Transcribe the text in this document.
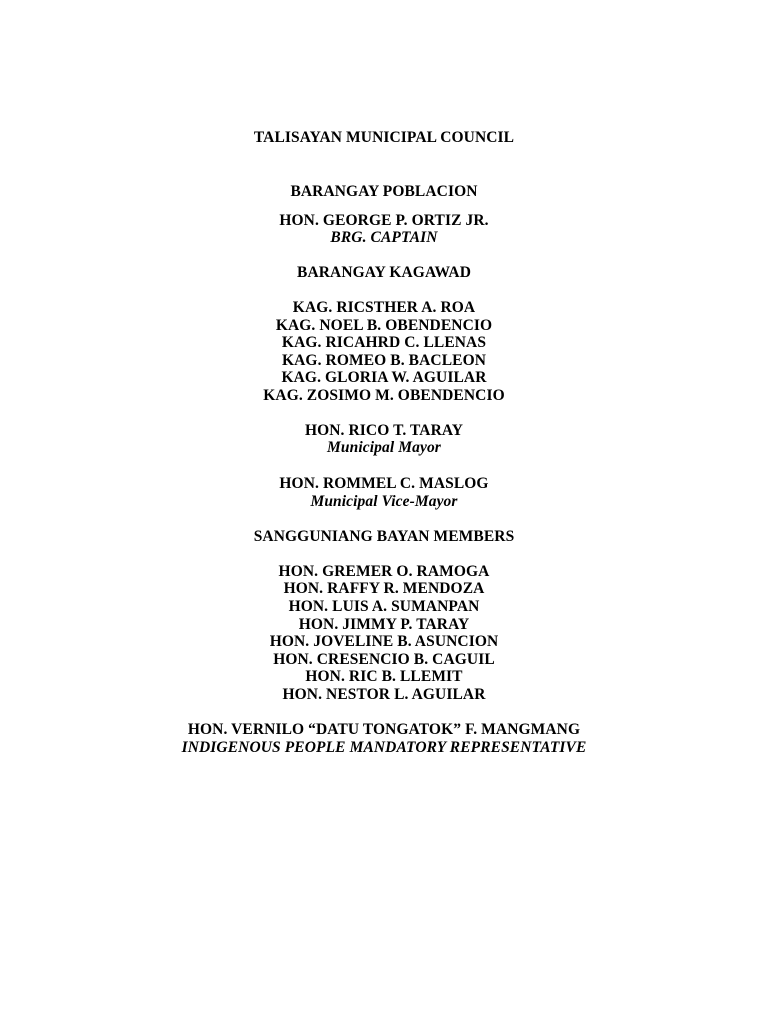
TALISAYAN MUNICIPAL COUNCIL
BARANGAY POBLACION
HON. GEORGE P. ORTIZ JR.
BRG. CAPTAIN
BARANGAY KAGAWAD
KAG. RICSTHER A. ROA
KAG. NOEL B. OBENDENCIO
KAG. RICAHRD C. LLENAS
KAG. ROMEO B. BACLEON
KAG. GLORIA W. AGUILAR
KAG. ZOSIMO M. OBENDENCIO
HON. RICO T. TARAY
Municipal Mayor
HON. ROMMEL C. MASLOG
Municipal Vice-Mayor
SANGGUNIANG BAYAN MEMBERS
HON. GREMER O. RAMOGA
HON. RAFFY R. MENDOZA
HON. LUIS A. SUMANPAN
HON. JIMMY P. TARAY
HON. JOVELINE B. ASUNCION
HON. CRESENCIO B. CAGUIL
HON. RIC B. LLEMIT
HON. NESTOR L. AGUILAR
HON. VERNILO “DATU TONGATOK” F. MANGMANG
INDIGENOUS PEOPLE MANDATORY REPRESENTATIVE
